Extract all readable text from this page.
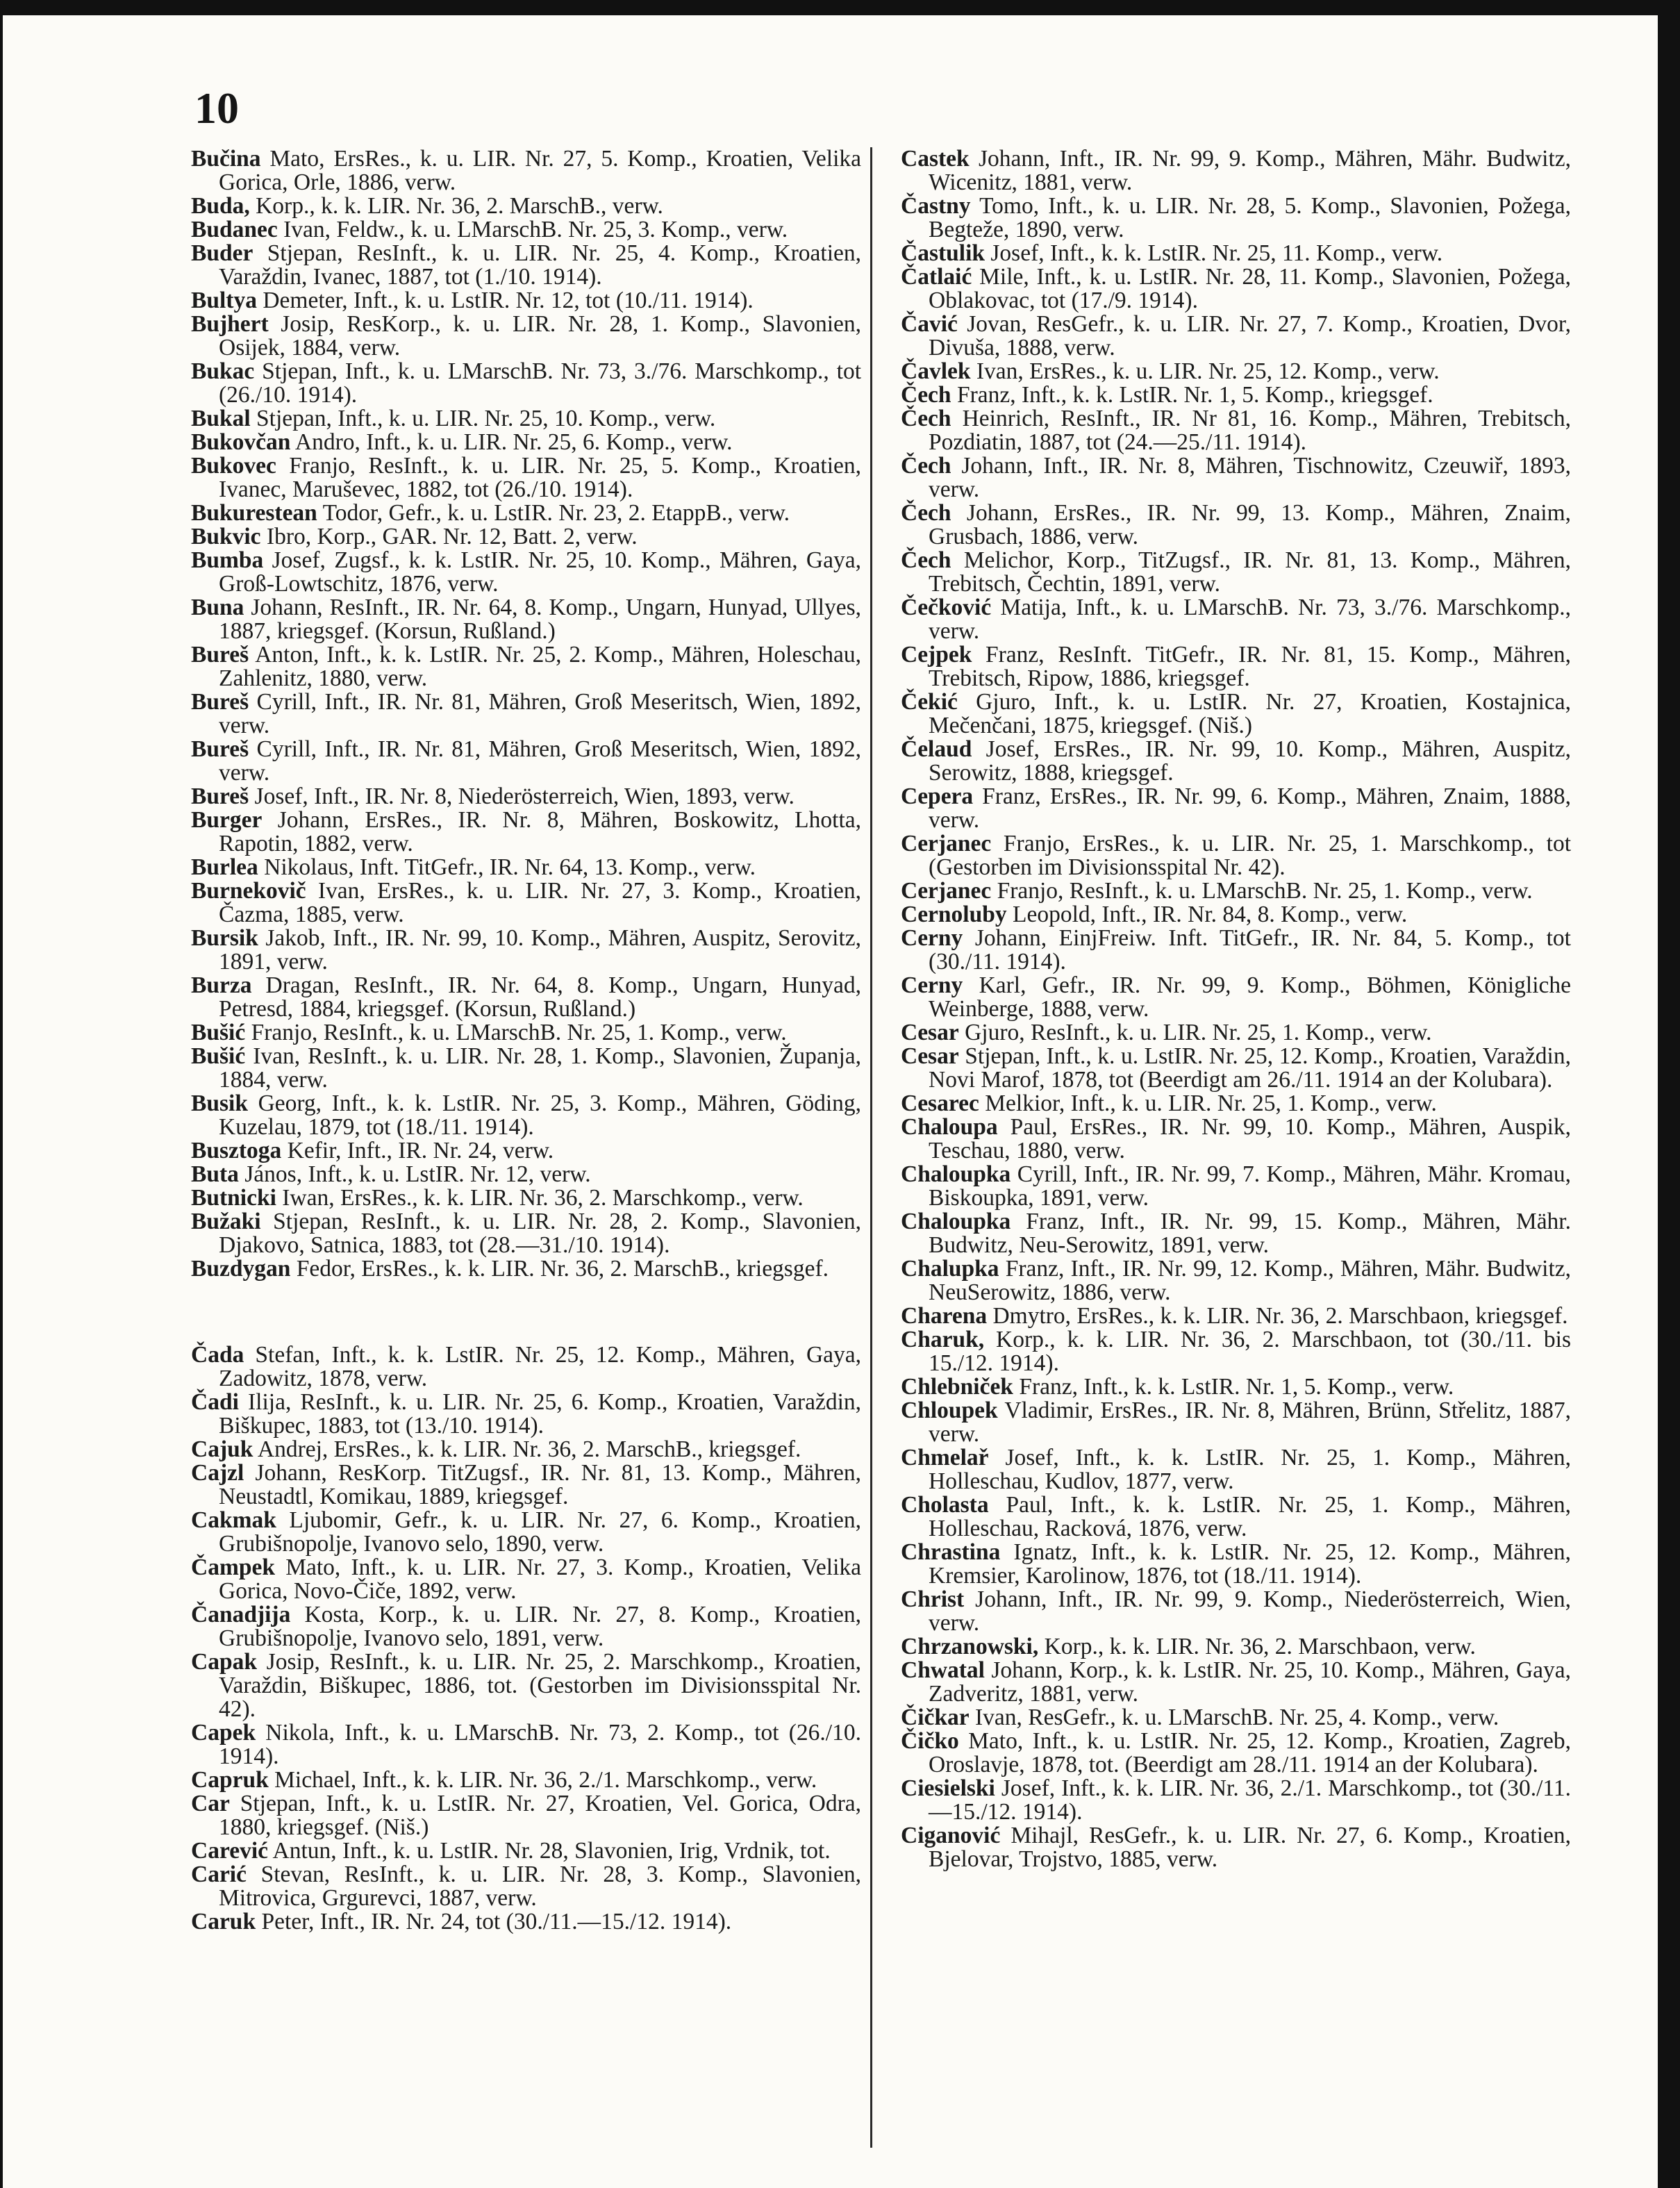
10

Bučina Mato, ErsRes., k. u. LIR. Nr. 27, 5. Komp., Kroatien, Velika Gorica, Orle, 1886, verw.

Buda, Korp., k. k. LIR. Nr. 36, 2. MarschB., verw.

Budanec Ivan, Feldw., k. u. LMarschB. Nr. 25, 3. Komp., verw.

Buder Stjepan, ResInft., k. u. LIR. Nr. 25, 4. Komp., Kroatien, Varaždin, Ivanec, 1887, tot (1./10. 1914).

Bultya Demeter, Inft., k. u. LstIR. Nr. 12, tot (10./11. 1914).

Bujhert Josip, ResKorp., k. u. LIR. Nr. 28, 1. Komp., Slavonien, Osijek, 1884, verw.

Bukac Stjepan, Inft., k. u. LMarschB. Nr. 73, 3./76. Marschkomp., tot (26./10. 1914).

Bukal Stjepan, Inft., k. u. LIR. Nr. 25, 10. Komp., verw.

Bukovčan Andro, Inft., k. u. LIR. Nr. 25, 6. Komp., verw.

Bukovec Franjo, ResInft., k. u. LIR. Nr. 25, 5. Komp., Kroatien, Ivanec, Maruševec, 1882, tot (26./10. 1914).

Bukurestean Todor, Gefr., k. u. LstIR. Nr. 23, 2. EtappB., verw.

Bukvic Ibro, Korp., GAR. Nr. 12, Batt. 2, verw.

Bumba Josef, Zugsf., k. k. LstIR. Nr. 25, 10. Komp., Mähren, Gaya, Groß-Lowtschitz, 1876, verw.

Buna Johann, ResInft., IR. Nr. 64, 8. Komp., Ungarn, Hunyad, Ullyes, 1887, kriegsgef. (Korsun, Rußland.)

Bureš Anton, Inft., k. k. LstIR. Nr. 25, 2. Komp., Mähren, Holeschau, Zahlenitz, 1880, verw.

Bureš Cyrill, Inft., IR. Nr. 81, Mähren, Groß Meseritsch, Wien, 1892, verw.

Bureš Cyrill, Inft., IR. Nr. 81, Mähren, Groß Meseritsch, Wien, 1892, verw.

Bureš Josef, Inft., IR. Nr. 8, Niederösterreich, Wien, 1893, verw.

Burger Johann, ErsRes., IR. Nr. 8, Mähren, Boskowitz, Lhotta, Rapotin, 1882, verw.

Burlea Nikolaus, Inft. TitGefr., IR. Nr. 64, 13. Komp., verw.

Burnekovič Ivan, ErsRes., k. u. LIR. Nr. 27, 3. Komp., Kroatien, Čazma, 1885, verw.

Bursik Jakob, Inft., IR. Nr. 99, 10. Komp., Mähren, Auspitz, Serovitz, 1891, verw.

Burza Dragan, ResInft., IR. Nr. 64, 8. Komp., Ungarn, Hunyad, Petresd, 1884, kriegsgef. (Korsun, Rußland.)

Bušić Franjo, ResInft., k. u. LMarschB. Nr. 25, 1. Komp., verw.

Bušić Ivan, ResInft., k. u. LIR. Nr. 28, 1. Komp., Slavonien, Županja, 1884, verw.

Busik Georg, Inft., k. k. LstIR. Nr. 25, 3. Komp., Mähren, Göding, Kuzelau, 1879, tot (18./11. 1914).

Busztoga Kefir, Inft., IR. Nr. 24, verw.

Buta János, Inft., k. u. LstIR. Nr. 12, verw.

Butnicki Iwan, ErsRes., k. k. LIR. Nr. 36, 2. Marschkomp., verw.

Bužaki Stjepan, ResInft., k. u. LIR. Nr. 28, 2. Komp., Slavonien, Djakovo, Satnica, 1883, tot (28.—31./10. 1914).

Buzdygan Fedor, ErsRes., k. k. LIR. Nr. 36, 2. MarschB., kriegsgef.

Čada Stefan, Inft., k. k. LstIR. Nr. 25, 12. Komp., Mähren, Gaya, Zadowitz, 1878, verw.

Čadi Ilija, ResInft., k. u. LIR. Nr. 25, 6. Komp., Kroatien, Varaždin, Biškupec, 1883, tot (13./10. 1914).

Cajuk Andrej, ErsRes., k. k. LIR. Nr. 36, 2. MarschB., kriegsgef.

Cajzl Johann, ResKorp. TitZugsf., IR. Nr. 81, 13. Komp., Mähren, Neustadtl, Komikau, 1889, kriegsgef.

Cakmak Ljubomir, Gefr., k. u. LIR. Nr. 27, 6. Komp., Kroatien, Grubišnopolje, Ivanovo selo, 1890, verw.

Čampek Mato, Inft., k. u. LIR. Nr. 27, 3. Komp., Kroatien, Velika Gorica, Novo-Čiče, 1892, verw.

Čanadjija Kosta, Korp., k. u. LIR. Nr. 27, 8. Komp., Kroatien, Grubišnopolje, Ivanovo selo, 1891, verw.

Capak Josip, ResInft., k. u. LIR. Nr. 25, 2. Marschkomp., Kroatien, Varaždin, Biškupec, 1886, tot. (Gestorben im Divisionsspital Nr. 42).

Capek Nikola, Inft., k. u. LMarschB. Nr. 73, 2. Komp., tot (26./10. 1914).

Capruk Michael, Inft., k. k. LIR. Nr. 36, 2./1. Marschkomp., verw.

Car Stjepan, Inft., k. u. LstIR. Nr. 27, Kroatien, Vel. Gorica, Odra, 1880, kriegsgef. (Niš.)

Carević Antun, Inft., k. u. LstIR. Nr. 28, Slavonien, Irig, Vrdnik, tot.

Carić Stevan, ResInft., k. u. LIR. Nr. 28, 3. Komp., Slavonien, Mitrovica, Grgurevci, 1887, verw.

Caruk Peter, Inft., IR. Nr. 24, tot (30./11.—15./12. 1914).

Castek Johann, Inft., IR. Nr. 99, 9. Komp., Mähren, Mähr. Budwitz, Wicenitz, 1881, verw.

Častny Tomo, Inft., k. u. LIR. Nr. 28, 5. Komp., Slavonien, Požega, Begteže, 1890, verw.

Častulik Josef, Inft., k. k. LstIR. Nr. 25, 11. Komp., verw.

Čatlaić Mile, Inft., k. u. LstIR. Nr. 28, 11. Komp., Slavonien, Požega, Oblakovac, tot (17./9. 1914).

Čavić Jovan, ResGefr., k. u. LIR. Nr. 27, 7. Komp., Kroatien, Dvor, Divuša, 1888, verw.

Čavlek Ivan, ErsRes., k. u. LIR. Nr. 25, 12. Komp., verw.

Čech Franz, Inft., k. k. LstIR. Nr. 1, 5. Komp., kriegsgef.

Čech Heinrich, ResInft., IR. Nr 81, 16. Komp., Mähren, Trebitsch, Pozdiatin, 1887, tot (24.—25./11. 1914).

Čech Johann, Inft., IR. Nr. 8, Mähren, Tischnowitz, Czeuwiř, 1893, verw.

Čech Johann, ErsRes., IR. Nr. 99, 13. Komp., Mähren, Znaim, Grusbach, 1886, verw.

Čech Melichor, Korp., TitZugsf., IR. Nr. 81, 13. Komp., Mähren, Trebitsch, Čechtin, 1891, verw.

Čečković Matija, Inft., k. u. LMarschB. Nr. 73, 3./76. Marschkomp., verw.

Cejpek Franz, ResInft. TitGefr., IR. Nr. 81, 15. Komp., Mähren, Trebitsch, Ripow, 1886, kriegsgef.

Čekić Gjuro, Inft., k. u. LstIR. Nr. 27, Kroatien, Kostajnica, Mečenčani, 1875, kriegsgef. (Niš.)

Čelaud Josef, ErsRes., IR. Nr. 99, 10. Komp., Mähren, Auspitz, Serowitz, 1888, kriegsgef.

Cepera Franz, ErsRes., IR. Nr. 99, 6. Komp., Mähren, Znaim, 1888, verw.

Cerjanec Franjo, ErsRes., k. u. LIR. Nr. 25, 1. Marschkomp., tot (Gestorben im Divisionsspital Nr. 42).

Cerjanec Franjo, ResInft., k. u. LMarschB. Nr. 25, 1. Komp., verw.

Cernoluby Leopold, Inft., IR. Nr. 84, 8. Komp., verw.

Cerny Johann, EinjFreiw. Inft. TitGefr., IR. Nr. 84, 5. Komp., tot (30./11. 1914).

Cerny Karl, Gefr., IR. Nr. 99, 9. Komp., Böhmen, Königliche Weinberge, 1888, verw.

Cesar Gjuro, ResInft., k. u. LIR. Nr. 25, 1. Komp., verw.

Cesar Stjepan, Inft., k. u. LstIR. Nr. 25, 12. Komp., Kroatien, Varaždin, Novi Marof, 1878, tot (Beerdigt am 26./11. 1914 an der Kolubara).

Cesarec Melkior, Inft., k. u. LIR. Nr. 25, 1. Komp., verw.

Chaloupa Paul, ErsRes., IR. Nr. 99, 10. Komp., Mähren, Auspik, Teschau, 1880, verw.

Chaloupka Cyrill, Inft., IR. Nr. 99, 7. Komp., Mähren, Mähr. Kromau, Biskoupka, 1891, verw.

Chaloupka Franz, Inft., IR. Nr. 99, 15. Komp., Mähren, Mähr. Budwitz, Neu-Serowitz, 1891, verw.

Chalupka Franz, Inft., IR. Nr. 99, 12. Komp., Mähren, Mähr. Budwitz, NeuSerowitz, 1886, verw.

Charena Dmytro, ErsRes., k. k. LIR. Nr. 36, 2. Marschbaon, kriegsgef.

Charuk, Korp., k. k. LIR. Nr. 36, 2. Marschbaon, tot (30./11. bis 15./12. 1914).

Chlebniček Franz, Inft., k. k. LstIR. Nr. 1, 5. Komp., verw.

Chloupek Vladimir, ErsRes., IR. Nr. 8, Mähren, Brünn, Střelitz, 1887, verw.

Chmelař Josef, Inft., k. k. LstIR. Nr. 25, 1. Komp., Mähren, Holleschau, Kudlov, 1877, verw.

Cholasta Paul, Inft., k. k. LstIR. Nr. 25, 1. Komp., Mähren, Holleschau, Racková, 1876, verw.

Chrastina Ignatz, Inft., k. k. LstIR. Nr. 25, 12. Komp., Mähren, Kremsier, Karolinow, 1876, tot (18./11. 1914).

Christ Johann, Inft., IR. Nr. 99, 9. Komp., Niederösterreich, Wien, verw.

Chrzanowski, Korp., k. k. LIR. Nr. 36, 2. Marschbaon, verw.

Chwatal Johann, Korp., k. k. LstIR. Nr. 25, 10. Komp., Mähren, Gaya, Zadveritz, 1881, verw.

Čičkar Ivan, ResGefr., k. u. LMarschB. Nr. 25, 4. Komp., verw.

Čičko Mato, Inft., k. u. LstIR. Nr. 25, 12. Komp., Kroatien, Zagreb, Oroslavje, 1878, tot. (Beerdigt am 28./11. 1914 an der Kolubara).

Ciesielski Josef, Inft., k. k. LIR. Nr. 36, 2./1. Marschkomp., tot (30./11.—15./12. 1914).

Ciganović Mihajl, ResGefr., k. u. LIR. Nr. 27, 6. Komp., Kroatien, Bjelovar, Trojstvo, 1885, verw.
